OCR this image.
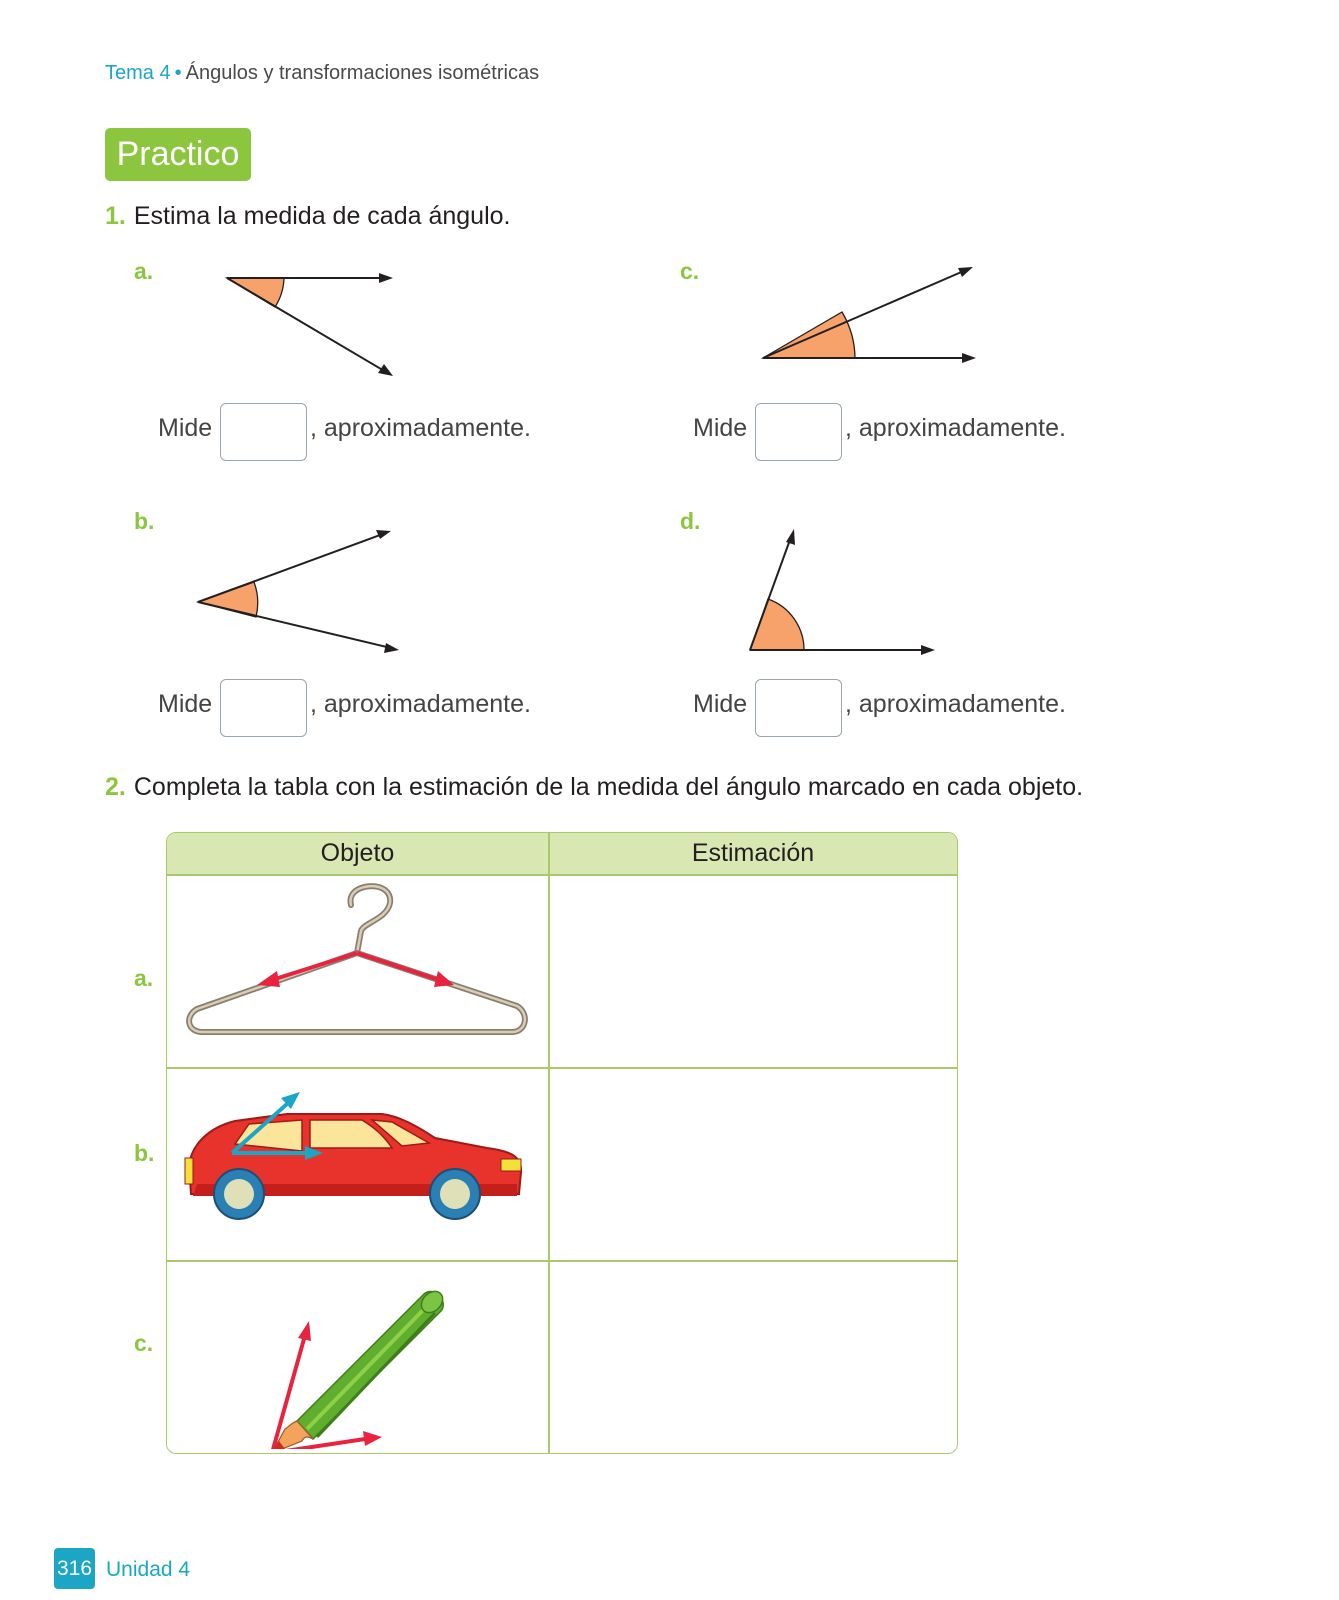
Tema 4 • Ángulos y transformaciones isométricas
Practico
1. Estima la medida de cada ángulo.
a.
Mide	, aproximadamente.
c.
Mide	, aproximadamente.
b.
Mide	, aproximadamente.
d.
Mide	, aproximadamente.
2. Completa la tabla con la estimación de la medida del ángulo marcado en cada objeto.
a.
b.
c.
Objeto	Estimación
316 Unidad 4
